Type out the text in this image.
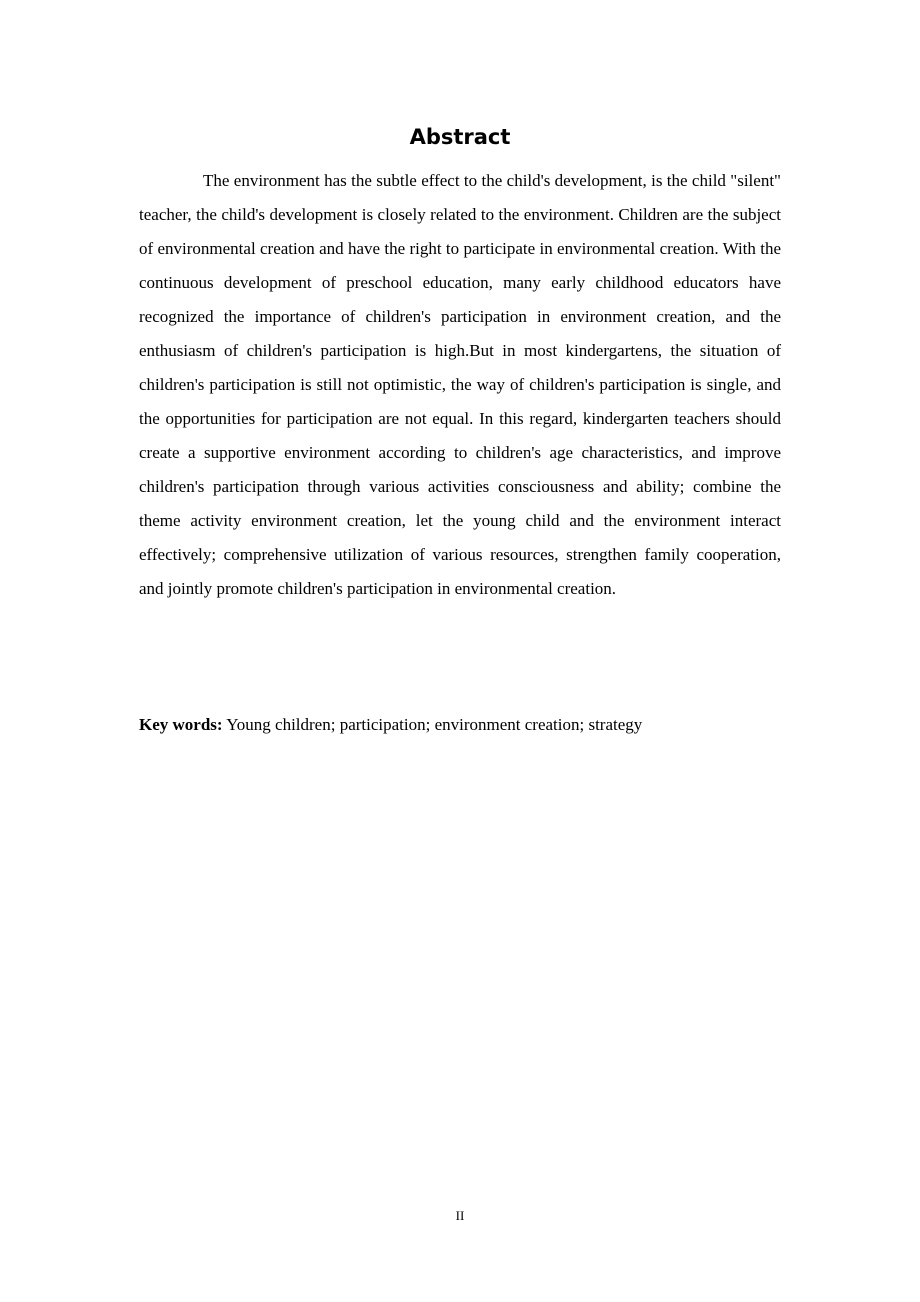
Abstract

The environment has the subtle effect to the child's development, is the child "silent" teacher, the child's development is closely related to the environment. Children are the subject of environmental creation and have the right to participate in environmental creation. With the continuous development of preschool education, many early childhood educators have recognized the importance of children's participation in environment creation, and the enthusiasm of children's participation is high.But in most kindergartens, the situation of children's participation is still not optimistic, the way of children's participation is single, and the opportunities for participation are not equal. In this regard, kindergarten teachers should create a supportive environment according to children's age characteristics, and improve children's participation through various activities consciousness and ability; combine the theme activity environment creation, let the young child and the environment interact effectively; comprehensive utilization of various resources, strengthen family cooperation, and jointly promote children's participation in environmental creation.

Key words: Young children; participation; environment creation; strategy

II
